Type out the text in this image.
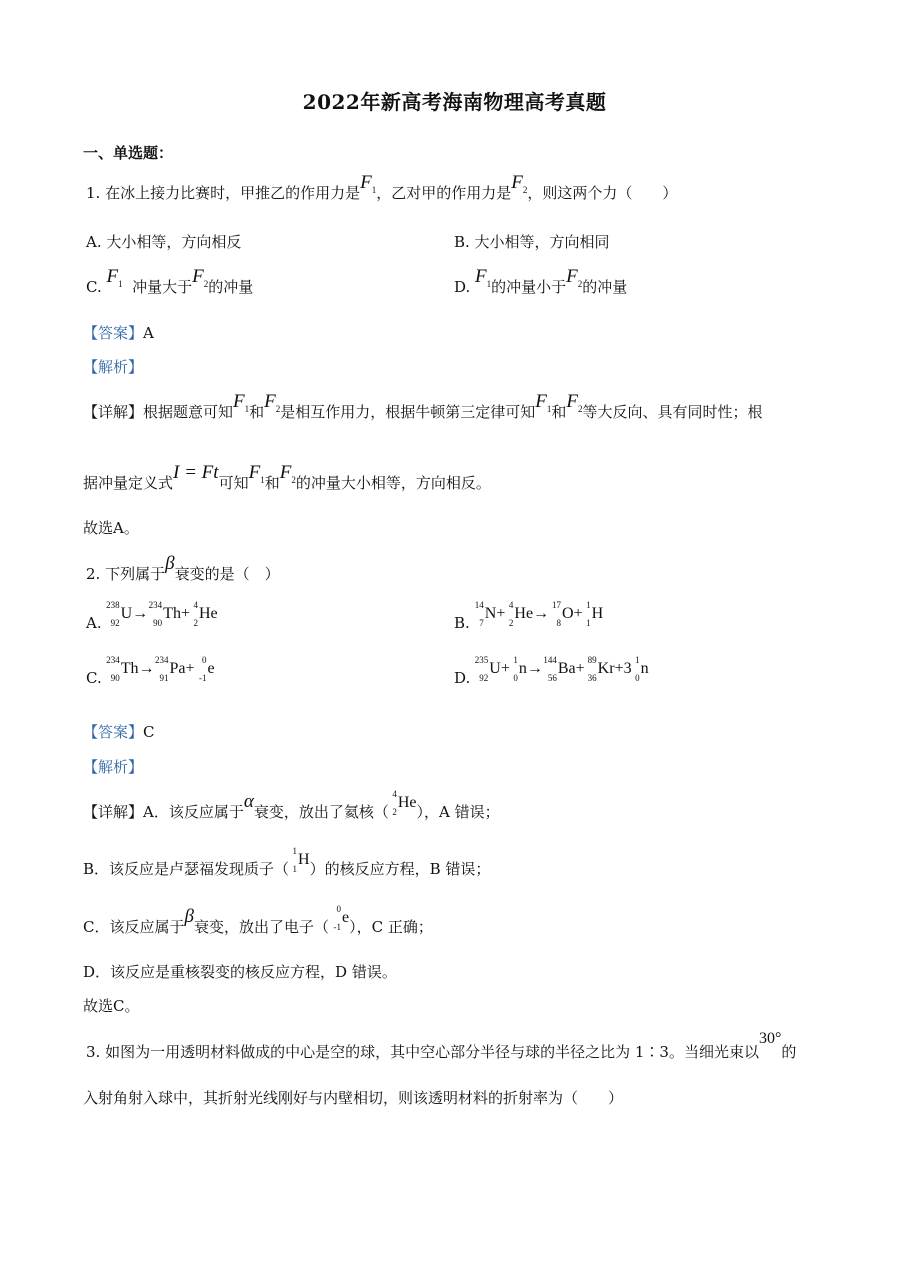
2022年新高考海南物理高考真题
一、单选题：
1. 在冰上接力比赛时，甲推乙的作用力是$F_1$，乙对甲的作用力是$F_2$，则这两个力（　　）
A. 大小相等，方向相反	B. 大小相等，方向相同
C. $F_1$ 冲量大于$F_2$的冲量	D. $F_1$的冲量小于$F_2$的冲量
【答案】A
【解析】
【详解】根据题意可知$F_1$和$F_2$是相互作用力，根据牛顿第三定律可知$F_1$和$F_2$等大反向、具有同时性；根
据冲量定义式I = Ft可知$F_1$和$F_2$的冲量大小相等，方向相反。
故选A。
2. 下列属于β衰变的是（　）
A.
238
92
U→ 234
90
Th+ 4
2
He
B.
14
7
N+ 4
2
He→ 17
8
O+ 1
1
H
C.
234
90
Th→ 234
91
Pa+ 0
-1
e
D.
235
92
U+ 1
0
n→ 144
56
Ba+ 89
36
Kr+3 1
0
n
【答案】C
【解析】
【详解】A．该反应属于α衰变，放出了氦核（
4
2
He），A 错误；
B．该反应是卢瑟福发现质子（
1
1
H）的核反应方程，B 错误；
C．该反应属于β衰变，放出了电子（
0
-1
e），C 正确；
D．该反应是重核裂变的核反应方程，D 错误。
故选C。
3. 如图为一用透明材料做成的中心是空的球，其中空心部分半径与球的半径之比为 1∶3。当细光束以30°的
入射角射入球中，其折射光线刚好与内壁相切，则该透明材料的折射率为（　　）
